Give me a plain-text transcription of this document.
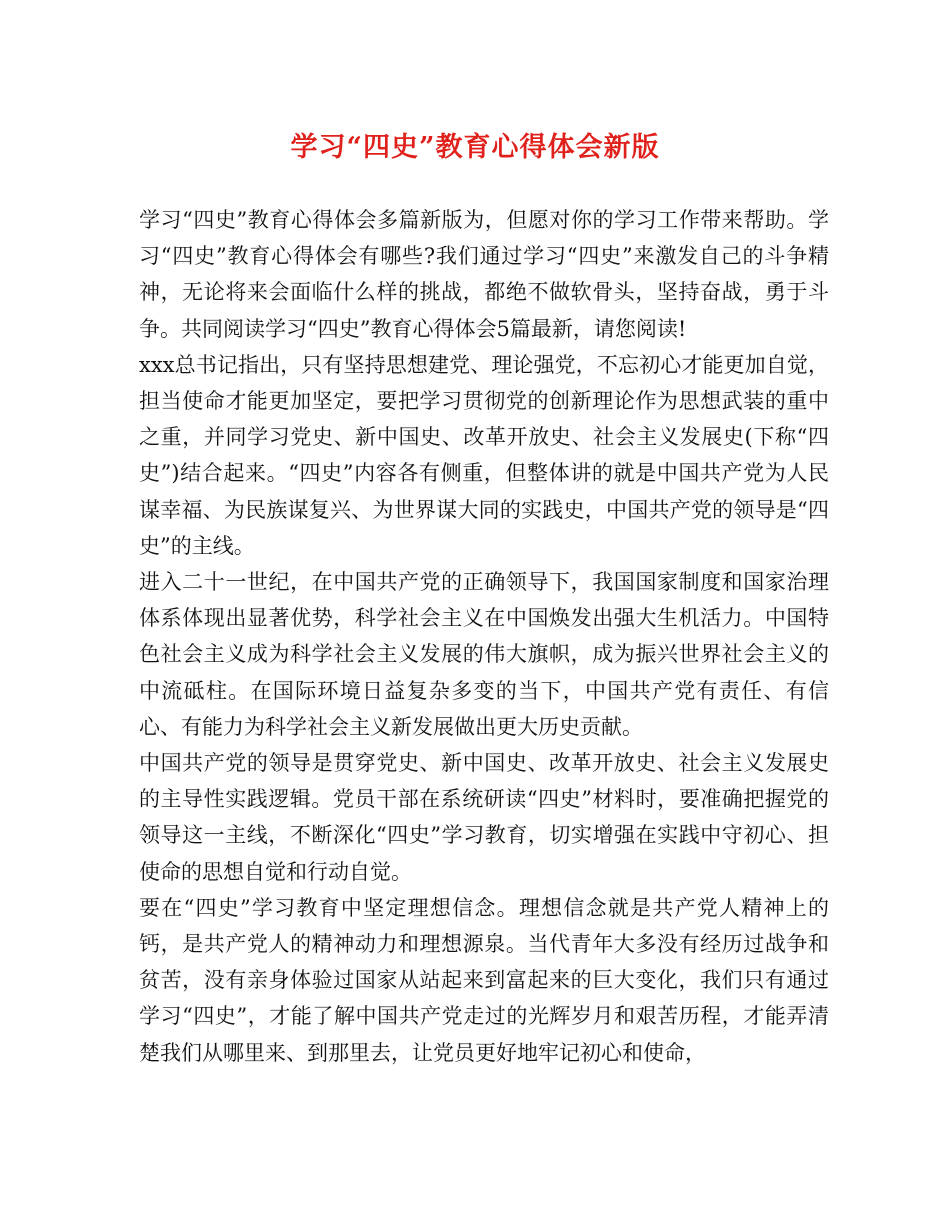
学习“四史”教育心得体会新版

学习“四史”教育心得体会多篇新版为，但愿对你的学习工作带来帮助。学习“四史”教育心得体会有哪些?我们通过学习“四史”来激发自己的斗争精神，无论将来会面临什么样的挑战，都绝不做软骨头，坚持奋战，勇于斗争。共同阅读学习“四史”教育心得体会5篇最新，请您阅读!

xxx总书记指出，只有坚持思想建党、理论强党，不忘初心才能更加自觉，担当使命才能更加坚定，要把学习贯彻党的创新理论作为思想武装的重中之重，并同学习党史、新中国史、改革开放史、社会主义发展史(下称“四史”)结合起来。“四史”内容各有侧重，但整体讲的就是中国共产党为人民谋幸福、为民族谋复兴、为世界谋大同的实践史，中国共产党的领导是“四史”的主线。

进入二十一世纪，在中国共产党的正确领导下，我国国家制度和国家治理体系体现出显著优势，科学社会主义在中国焕发出强大生机活力。中国特色社会主义成为科学社会主义发展的伟大旗帜，成为振兴世界社会主义的中流砥柱。在国际环境日益复杂多变的当下，中国共产党有责任、有信心、有能力为科学社会主义新发展做出更大历史贡献。

中国共产党的领导是贯穿党史、新中国史、改革开放史、社会主义发展史的主导性实践逻辑。党员干部在系统研读“四史”材料时，要准确把握党的领导这一主线，不断深化“四史”学习教育，切实增强在实践中守初心、担使命的思想自觉和行动自觉。

要在“四史”学习教育中坚定理想信念。理想信念就是共产党人精神上的钙，是共产党人的精神动力和理想源泉。当代青年大多没有经历过战争和贫苦，没有亲身体验过国家从站起来到富起来的巨大变化，我们只有通过学习“四史”，才能了解中国共产党走过的光辉岁月和艰苦历程，才能弄清楚我们从哪里来、到那里去，让党员更好地牢记初心和使命，
